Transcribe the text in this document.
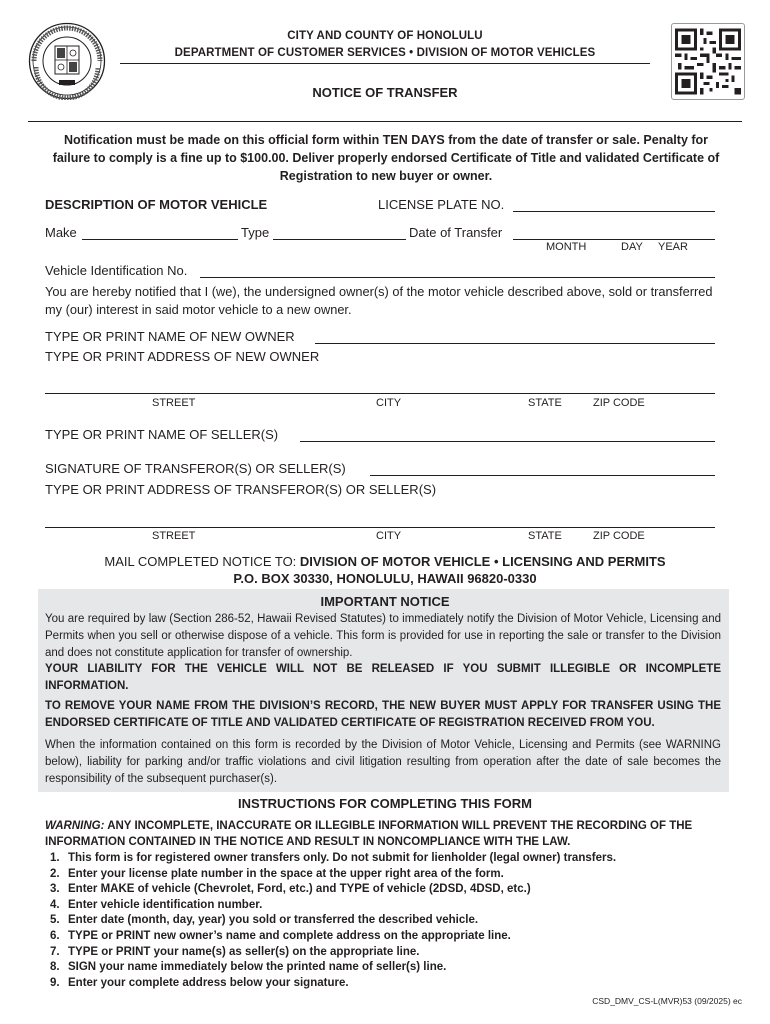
CITY AND COUNTY OF HONOLULU
DEPARTMENT OF CUSTOMER SERVICES • DIVISION OF MOTOR VEHICLES
NOTICE OF TRANSFER
Notification must be made on this official form within TEN DAYS from the date of transfer or sale. Penalty for failure to comply is a fine up to $100.00. Deliver properly endorsed Certificate of Title and validated Certificate of Registration to new buyer or owner.
DESCRIPTION OF MOTOR VEHICLE	LICENSE PLATE NO.
Make	Type	Date of Transfer
MONTH	DAY YEAR
Vehicle Identification No.
You are hereby notified that I (we), the undersigned owner(s) of the motor vehicle described above, sold or transferred my (our) interest in said motor vehicle to a new owner.
TYPE OR PRINT NAME OF NEW OWNER
TYPE OR PRINT ADDRESS OF NEW OWNER
STREET	CITY	STATE	ZIP CODE
TYPE OR PRINT NAME OF SELLER(S)
SIGNATURE OF TRANSFEROR(S) OR SELLER(S)
TYPE OR PRINT ADDRESS OF TRANSFEROR(S) OR SELLER(S)
STREET	CITY	STATE	ZIP CODE
MAIL COMPLETED NOTICE TO: DIVISION OF MOTOR VEHICLE • LICENSING AND PERMITS
P.O. BOX 30330, HONOLULU, HAWAII 96820-0330
IMPORTANT NOTICE
You are required by law (Section 286-52, Hawaii Revised Statutes) to immediately notify the Division of Motor Vehicle, Licensing and Permits when you sell or otherwise dispose of a vehicle. This form is provided for use in reporting the sale or transfer to the Division and does not constitute application for transfer of ownership.
YOUR LIABILITY FOR THE VEHICLE WILL NOT BE RELEASED IF YOU SUBMIT ILLEGIBLE OR INCOMPLETE INFORMATION.
TO REMOVE YOUR NAME FROM THE DIVISION’S RECORD, THE NEW BUYER MUST APPLY FOR TRANSFER USING THE ENDORSED CERTIFICATE OF TITLE AND VALIDATED CERTIFICATE OF REGISTRATION RECEIVED FROM YOU.
When the information contained on this form is recorded by the Division of Motor Vehicle, Licensing and Permits (see WARNING below), liability for parking and/or traffic violations and civil litigation resulting from operation after the date of sale becomes the responsibility of the subsequent purchaser(s).
INSTRUCTIONS FOR COMPLETING THIS FORM
WARNING: ANY INCOMPLETE, INACCURATE OR ILLEGIBLE INFORMATION WILL PREVENT THE RECORDING OF THE INFORMATION CONTAINED IN THE NOTICE AND RESULT IN NONCOMPLIANCE WITH THE LAW.
1. This form is for registered owner transfers only. Do not submit for lienholder (legal owner) transfers.
2. Enter your license plate number in the space at the upper right area of the form.
3. Enter MAKE of vehicle (Chevrolet, Ford, etc.) and TYPE of vehicle (2DSD, 4DSD, etc.)
4. Enter vehicle identification number.
5. Enter date (month, day, year) you sold or transferred the described vehicle.
6. TYPE or PRINT new owner’s name and complete address on the appropriate line.
7. TYPE or PRINT your name(s) as seller(s) on the appropriate line.
8. SIGN your name immediately below the printed name of seller(s) line.
9. Enter your complete address below your signature.
CSD_DMV_CS-L(MVR)53 (09/2025) ec
